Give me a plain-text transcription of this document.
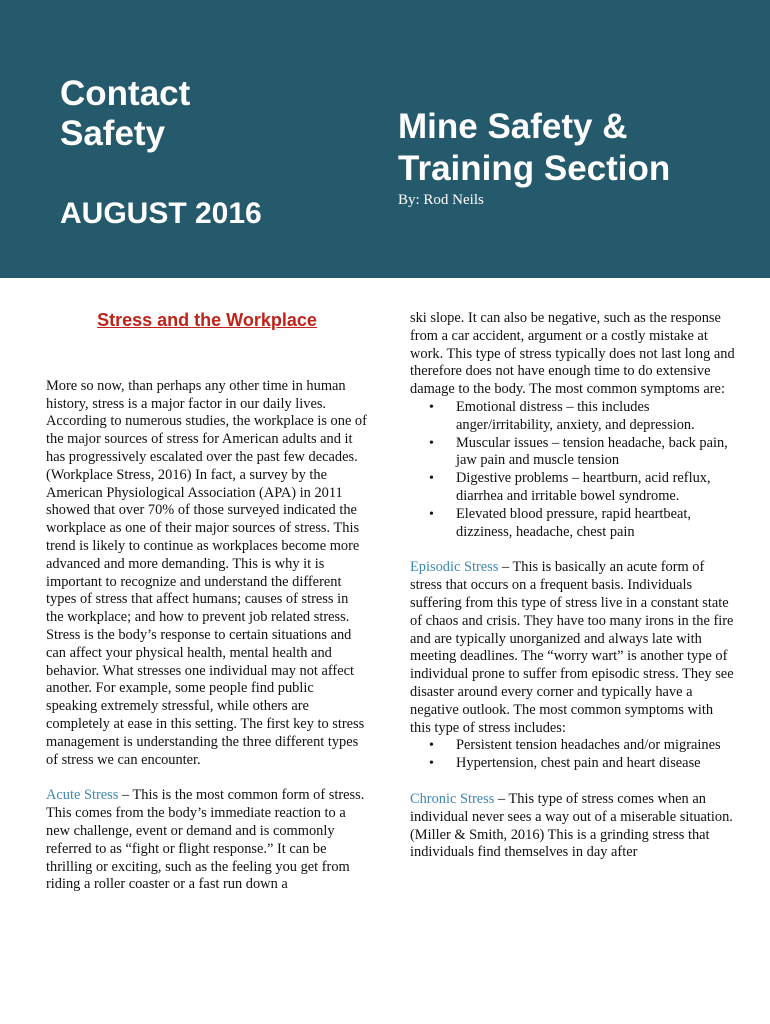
Contact
Safety
AUGUST 2016
Mine Safety &
Training Section
By: Rod Neils
Stress and the Workplace

More so now, than perhaps any other time in human history, stress is a major factor in our daily lives. According to numerous studies, the workplace is one of the major sources of stress for American adults and it has progressively escalated over the past few decades. (Workplace Stress, 2016) In fact, a survey by the American Physiological Association (APA) in 2011 showed that over 70% of those surveyed indicated the workplace as one of their major sources of stress. This trend is likely to continue as workplaces become more advanced and more demanding. This is why it is important to recognize and understand the different types of stress that affect humans; causes of stress in the workplace; and how to prevent job related stress. Stress is the body’s response to certain situations and can affect your physical health, mental health and behavior. What stresses one individual may not affect another. For example, some people find public speaking extremely stressful, while others are completely at ease in this setting. The first key to stress management is understanding the three different types of stress we can encounter.

Acute Stress – This is the most common form of stress. This comes from the body’s immediate reaction to a new challenge, event or demand and is commonly referred to as “fight or flight response.” It can be thrilling or exciting, such as the feeling you get from riding a roller coaster or a fast run down a

ski slope. It can also be negative, such as the response from a car accident, argument or a costly mistake at work. This type of stress typically does not last long and therefore does not have enough time to do extensive damage to the body. The most common symptoms are:

• Emotional distress – this includes anger/irritability, anxiety, and depression.
• Muscular issues – tension headache, back pain, jaw pain and muscle tension
• Digestive problems – heartburn, acid reflux, diarrhea and irritable bowel syndrome.
• Elevated blood pressure, rapid heartbeat, dizziness, headache, chest pain

Episodic Stress – This is basically an acute form of stress that occurs on a frequent basis. Individuals suffering from this type of stress live in a constant state of chaos and crisis. They have too many irons in the fire and are typically unorganized and always late with meeting deadlines. The “worry wart” is another type of individual prone to suffer from episodic stress. They see disaster around every corner and typically have a negative outlook. The most common symptoms with this type of stress includes:

• Persistent tension headaches and/or migraines
• Hypertension, chest pain and heart disease

Chronic Stress – This type of stress comes when an individual never sees a way out of a miserable situation. (Miller & Smith, 2016) This is a grinding stress that individuals find themselves in day after
